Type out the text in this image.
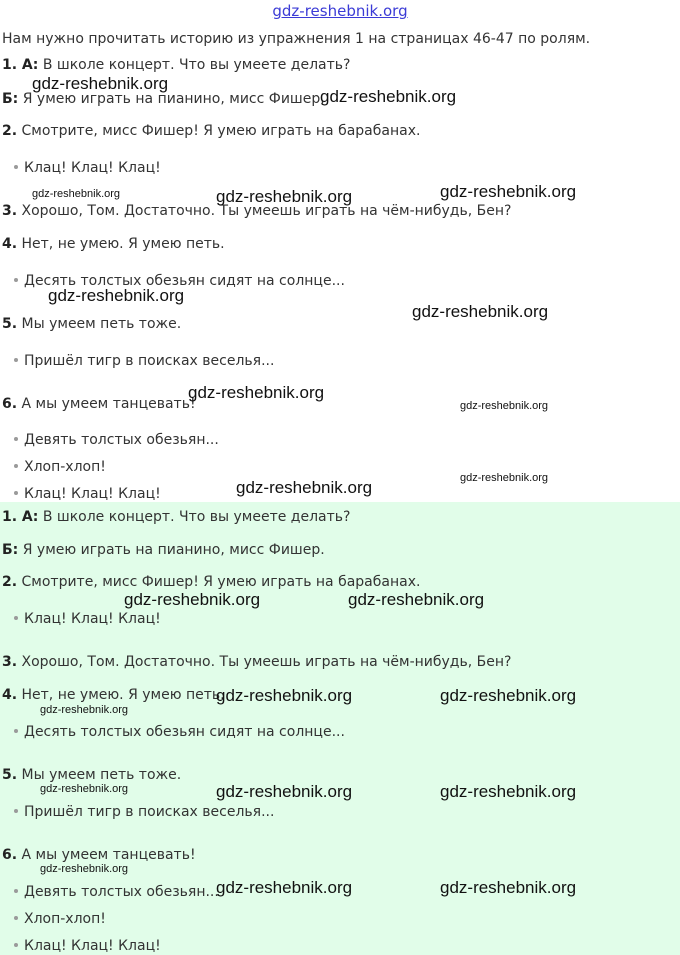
gdz-reshebnik.org
Нам нужно прочитать историю из упражнения 1 на страницах 46-47 по ролям.
1. А: В школе концерт. Что вы умеете делать?
Б: Я умею играть на пианино, мисс Фишер.
2. Смотрите, мисс Фишер! Я умею играть на барабанах.
Клац! Клац! Клац!
3. Хорошо, Том. Достаточно. Ты умеешь играть на чём-нибудь, Бен?
4. Нет, не умею. Я умею петь.
Десять толстых обезьян сидят на солнце...
5. Мы умеем петь тоже.
Пришёл тигр в поисках веселья...
6. А мы умеем танцевать!
Девять толстых обезьян...
Хлоп-хлоп!
Клац! Клац! Клац!
1. А: В школе концерт. Что вы умеете делать?
Б: Я умею играть на пианино, мисс Фишер.
2. Смотрите, мисс Фишер! Я умею играть на барабанах.
Клац! Клац! Клац!
3. Хорошо, Том. Достаточно. Ты умеешь играть на чём-нибудь, Бен?
4. Нет, не умею. Я умею петь.
Десять толстых обезьян сидят на солнце...
5. Мы умеем петь тоже.
Пришёл тигр в поисках веселья...
6. А мы умеем танцевать!
Девять толстых обезьян...
Хлоп-хлоп!
Клац! Клац! Клац!
gdz-reshebnik.org
gdz-reshebnik.org
gdz-reshebnik.org	gdz-reshebnik.org	gdz-reshebnik.org
gdz-reshebnik.org
gdz-reshebnik.org
gdz-reshebnik.org
gdz-reshebnik.org
gdz-reshebnik.org
gdz-reshebnik.org
gdz-reshebnik.org	gdz-reshebnik.org
gdz-reshebnik.org	gdz-reshebnik.org
gdz-reshebnik.org
gdz-reshebnik.org	gdz-reshebnik.org	gdz-reshebnik.org
gdz-reshebnik.org
gdz-reshebnik.org	gdz-reshebnik.org
